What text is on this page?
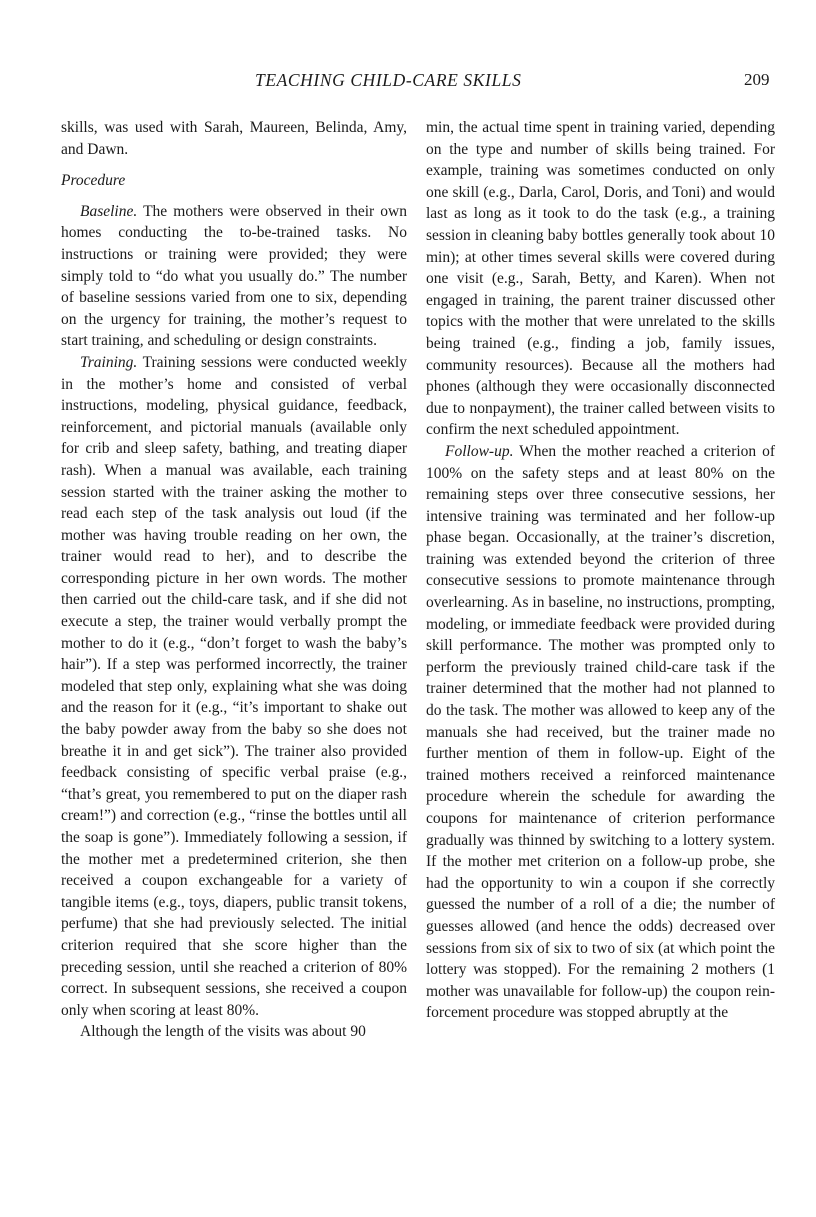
TEACHING CHILD-CARE SKILLS	209

skills, was used with Sarah, Maureen, Belinda, Amy, and Dawn.

Procedure

Baseline. The mothers were observed in their own homes conducting the to-be-trained tasks. No instructions or training were provided; they were simply told to “do what you usually do.” The number of baseline sessions varied from one to six, depending on the urgency for training, the mother’s request to start training, and scheduling or design constraints.

Training. Training sessions were conducted weekly in the mother’s home and consisted of verbal instructions, modeling, physical guidance, feedback, reinforcement, and pictorial manuals (available only for crib and sleep safety, bathing, and treating diaper rash). When a manual was available, each training session started with the trainer asking the mother to read each step of the task analysis out loud (if the mother was having trouble reading on her own, the trainer would read to her), and to describe the corresponding picture in her own words. The mother then carried out the child-care task, and if she did not execute a step, the trainer would verbally prompt the mother to do it (e.g., “don’t forget to wash the baby’s hair”). If a step was performed incorrectly, the trainer modeled that step only, explaining what she was doing and the reason for it (e.g., “it’s important to shake out the baby powder away from the baby so she does not breathe it in and get sick”). The trainer also provided feedback consisting of specific verbal praise (e.g., “that’s great, you remembered to put on the diaper rash cream!”) and correction (e.g., “rinse the bottles until all the soap is gone”). Immediately following a session, if the mother met a predetermined criterion, she then received a coupon exchangeable for a variety of tangible items (e.g., toys, diapers, public transit tokens, perfume) that she had previously selected. The initial criterion required that she score higher than the preceding session, until she reached a criterion of 80% correct. In subsequent sessions, she received a coupon only when scoring at least 80%.

Although the length of the visits was about 90

min, the actual time spent in training varied, depending on the type and number of skills being trained. For example, training was sometimes conducted on only one skill (e.g., Darla, Carol, Doris, and Toni) and would last as long as it took to do the task (e.g., a training session in cleaning baby bottles generally took about 10 min); at other times several skills were covered during one visit (e.g., Sarah, Betty, and Karen). When not engaged in training, the parent trainer discussed other topics with the mother that were unrelated to the skills being trained (e.g., finding a job, family issues, community resources). Because all the mothers had phones (although they were occasionally disconnected due to nonpayment), the trainer called between visits to confirm the next scheduled appointment.

Follow-up. When the mother reached a criterion of 100% on the safety steps and at least 80% on the remaining steps over three consecutive sessions, her intensive training was terminated and her follow-up phase began. Occasionally, at the trainer’s discretion, training was extended beyond the criterion of three consecutive sessions to promote maintenance through overlearning. As in baseline, no instructions, prompting, modeling, or immediate feedback were provided during skill performance. The mother was prompted only to perform the previously trained child-care task if the trainer determined that the mother had not planned to do the task. The mother was allowed to keep any of the manuals she had received, but the trainer made no further mention of them in follow-up. Eight of the trained mothers received a reinforced maintenance procedure wherein the schedule for awarding the coupons for maintenance of criterion performance gradually was thinned by switching to a lottery system. If the mother met criterion on a follow-up probe, she had the opportunity to win a coupon if she correctly guessed the number of a roll of a die; the number of guesses allowed (and hence the odds) decreased over sessions from six of six to two of six (at which point the lottery was stopped). For the remaining 2 mothers (1 mother was unavailable for follow-up) the coupon reinforcement procedure was stopped abruptly at the
